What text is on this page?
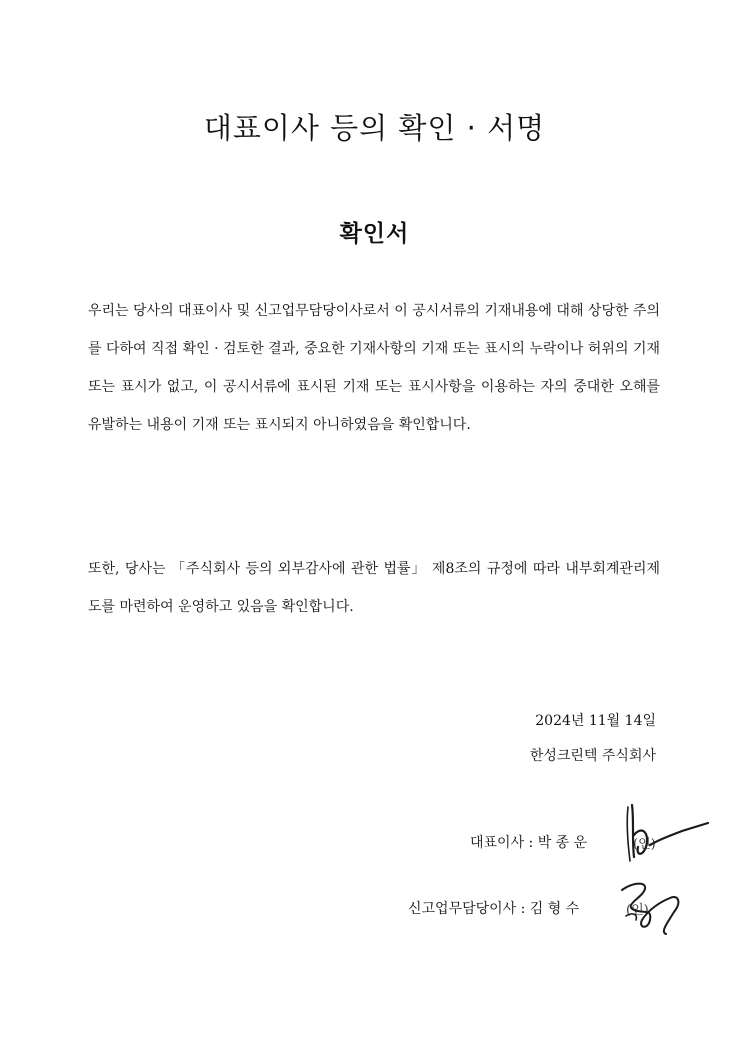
대표이사 등의 확인 · 서명
확인서
우리는 당사의 대표이사 및 신고업무담당이사로서 이 공시서류의 기재내용에 대해 상당한 주의를 다하여 직접 확인 · 검토한 결과, 중요한 기재사항의 기재 또는 표시의 누락이나 허위의 기재 또는 표시가 없고, 이 공시서류에 표시된 기재 또는 표시사항을 이용하는 자의 중대한 오해를 유발하는 내용이 기재 또는 표시되지 아니하였음을 확인합니다.
또한, 당사는 「주식회사 등의 외부감사에 관한 법률」 제8조의 규정에 따라 내부회계관리제도를 마련하여 운영하고 있음을 확인합니다.
2024년 11월 14일
한성크린텍 주식회사
대표이사 : 박 종 운	(인)
신고업무담당이사 : 김 형 수	(인)
